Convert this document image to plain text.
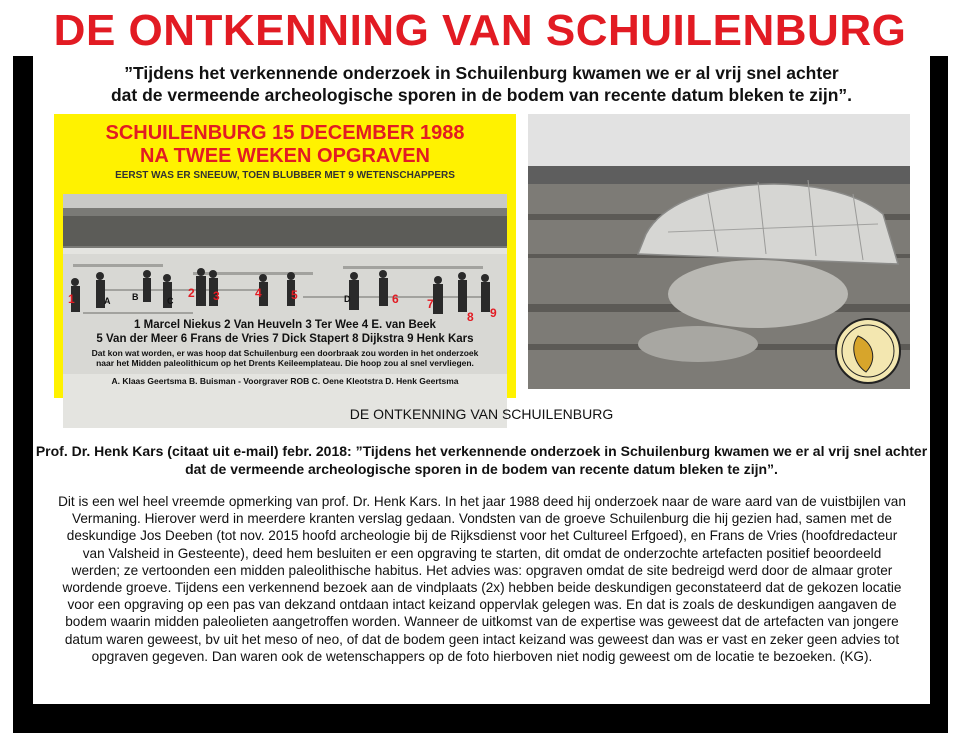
DE ONTKENNING VAN SCHUILENBURG
”Tijdens het verkennende onderzoek in Schuilenburg kwamen we er al vrij snel achter
dat de vermeende archeologische sporen in de bodem van recente datum bleken te zijn”.
SCHUILENBURG 15 DECEMBER 1988
NA TWEE WEKEN OPGRAVEN
EERST WAS ER SNEEUW, TOEN BLUBBER MET 9 WETENSCHAPPERS
1	A B	C
2 3	4 5	D	6 7
8 9
1 Marcel Niekus 2 Van Heuveln 3 Ter Wee 4 E. van Beek
5 Van der Meer 6 Frans de Vries 7 Dick Stapert 8 Dijkstra 9 Henk Kars
Dat kon wat worden, er was hoop dat Schuilenburg een doorbraak zou worden in het onderzoek
naar het Midden paleolithicum op het Drents Keileemplateau. Die hoop zou al snel vervliegen.
A. Klaas Geertsma B. Buisman - Voorgraver ROB C. Oene Kleotstra D. Henk Geertsma
DE ONTKENNING VAN SCHUILENBURG
Prof. Dr. Henk Kars (citaat uit e-mail) febr. 2018: ”Tijdens het verkennende onderzoek in Schuilenburg kwamen we er al vrij snel achter dat de vermeende archeologische sporen in de bodem van recente datum bleken te zijn”.
Dit is een wel heel vreemde opmerking van prof. Dr. Henk Kars. In het jaar 1988 deed hij onderzoek naar de ware aard van de vuistbijlen van Vermaning. Hierover werd in meerdere kranten verslag gedaan. Vondsten van de groeve Schuilenburg die hij gezien had, samen met de deskundige Jos Deeben (tot nov. 2015 hoofd archeologie bij de Rijksdienst voor het Cultureel Erfgoed), en Frans de Vries (hoofdredacteur van Valsheid in Gesteente), deed hem besluiten er een opgraving te starten, dit omdat de onderzochte artefacten positief beoordeeld werden; ze vertoonden een midden paleolithische habitus. Het advies was: opgraven omdat de site bedreigd werd door de almaar groter wordende groeve. Tijdens een verkennend bezoek aan de vindplaats (2x) hebben beide deskundigen geconstateerd dat de gekozen locatie voor een opgraving op een pas van dekzand ontdaan intact keizand oppervlak gelegen was. En dat is zoals de deskundigen aangaven de bodem waarin midden paleolieten aangetroffen worden. Wanneer de uitkomst van de expertise was geweest dat de artefacten van jongere datum waren geweest, bv uit het meso of neo, of dat de bodem geen intact keizand was geweest dan was er vast en zeker geen advies tot opgraven gegeven. Dan waren ook de wetenschappers op de foto hierboven niet nodig geweest om de locatie te bezoeken. (KG).
